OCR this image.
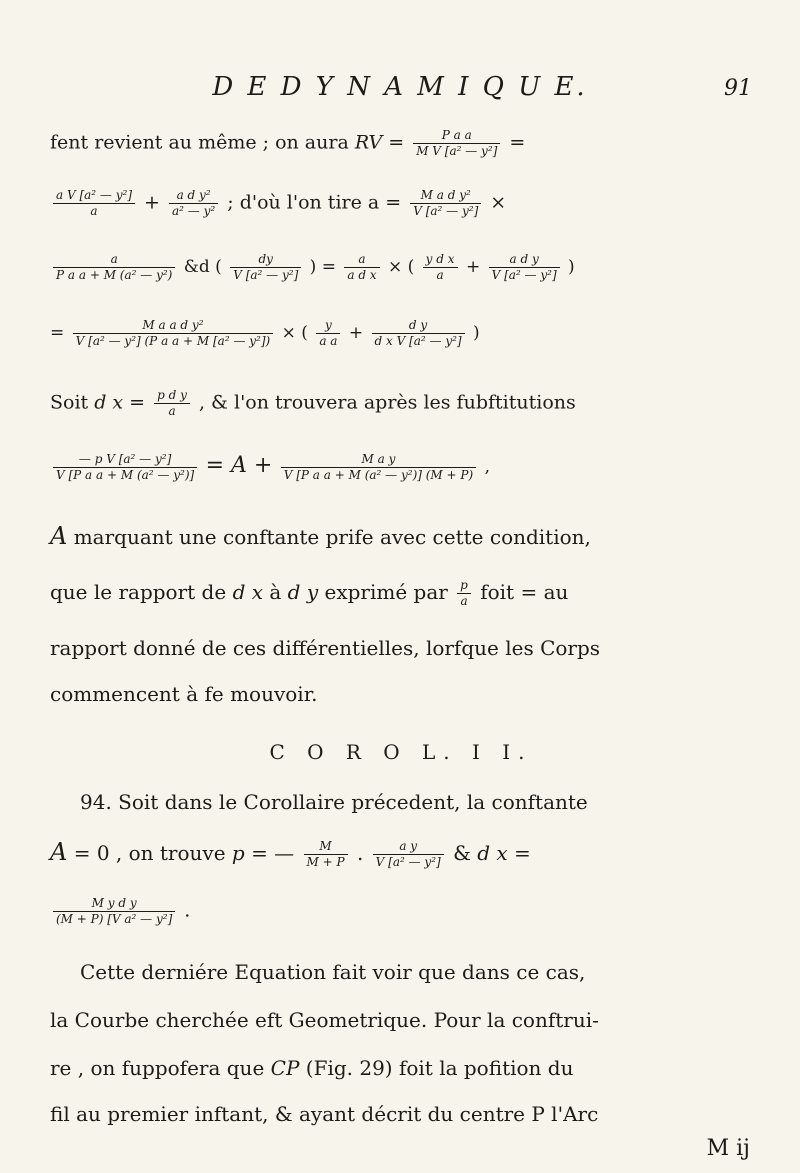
D E D Y N A M I Q U E.	91
fent revient au même ; on aura RV = $\frac{\text{P a a}}{\text{M V [a² — y²]}}$ =
$\frac{\text{a V [a² — y²]}}{a} + \frac{\text{a d y²}}{\text{a² — y²}}$ ; d'où l'on tire $a = \frac{\text{M a d y²}}{\text{V [a² — y²]}}$ ×
$\frac{a}{\text{P a a + M (a² — y²)}}$ &d ( $\frac{dy}{\text{V [a² — y²]}}$ ) = $\frac{a}{\text{a d x}}$ × ( $\frac{\text{y d x}}{a} + \frac{\text{a d y}}{\text{V [a² — y²]}}$ )
= $\frac{\text{M a a d y²}}{\text{V [a² — y²] (P a a + M [a² — y²])}}$ × ( $\frac{y}{\text{a a}} + \frac{\text{d y}}{\text{d x V [a² — y²]}}$ )
Soit d $x = \frac{\text{p d y}}{a}$ , & l'on trouvera après les fubftitutions
$\frac{\text{— p V [a² — y²]}}{\text{V [P a a + M (a² — y²)]}} = A + \frac{\text{M a y}}{\text{V [P a a + M (a² — y²)] (M + P)}}$ ,
A marquant une conftante prife avec cette condition,
que le rapport de d x à d y exprimé par $\frac{p}{a}$ foit = au
rapport donné de ces différentielles, lorfque les Corps
commencent à fe mouvoir.
C O R O L. I I.
94. Soit dans le Corollaire précedent, la conftante
A = 0 , on trouve p = — $\frac{M}{M + P}$ . $\frac{\text{a y}}{\text{V [a² — y²]}}$ & d x =
$\frac{\text{M y d y}}{\text{(M + P) [V a² — y²]}}$ .
Cette derniére Equation fait voir que dans ce cas,
la Courbe cherchée eft Geometrique. Pour la conftrui-
re , on fuppofera que CP (Fig. 29) foit la pofition du
fil au premier inftant, & ayant décrit du centre P l'Arc
M ij
